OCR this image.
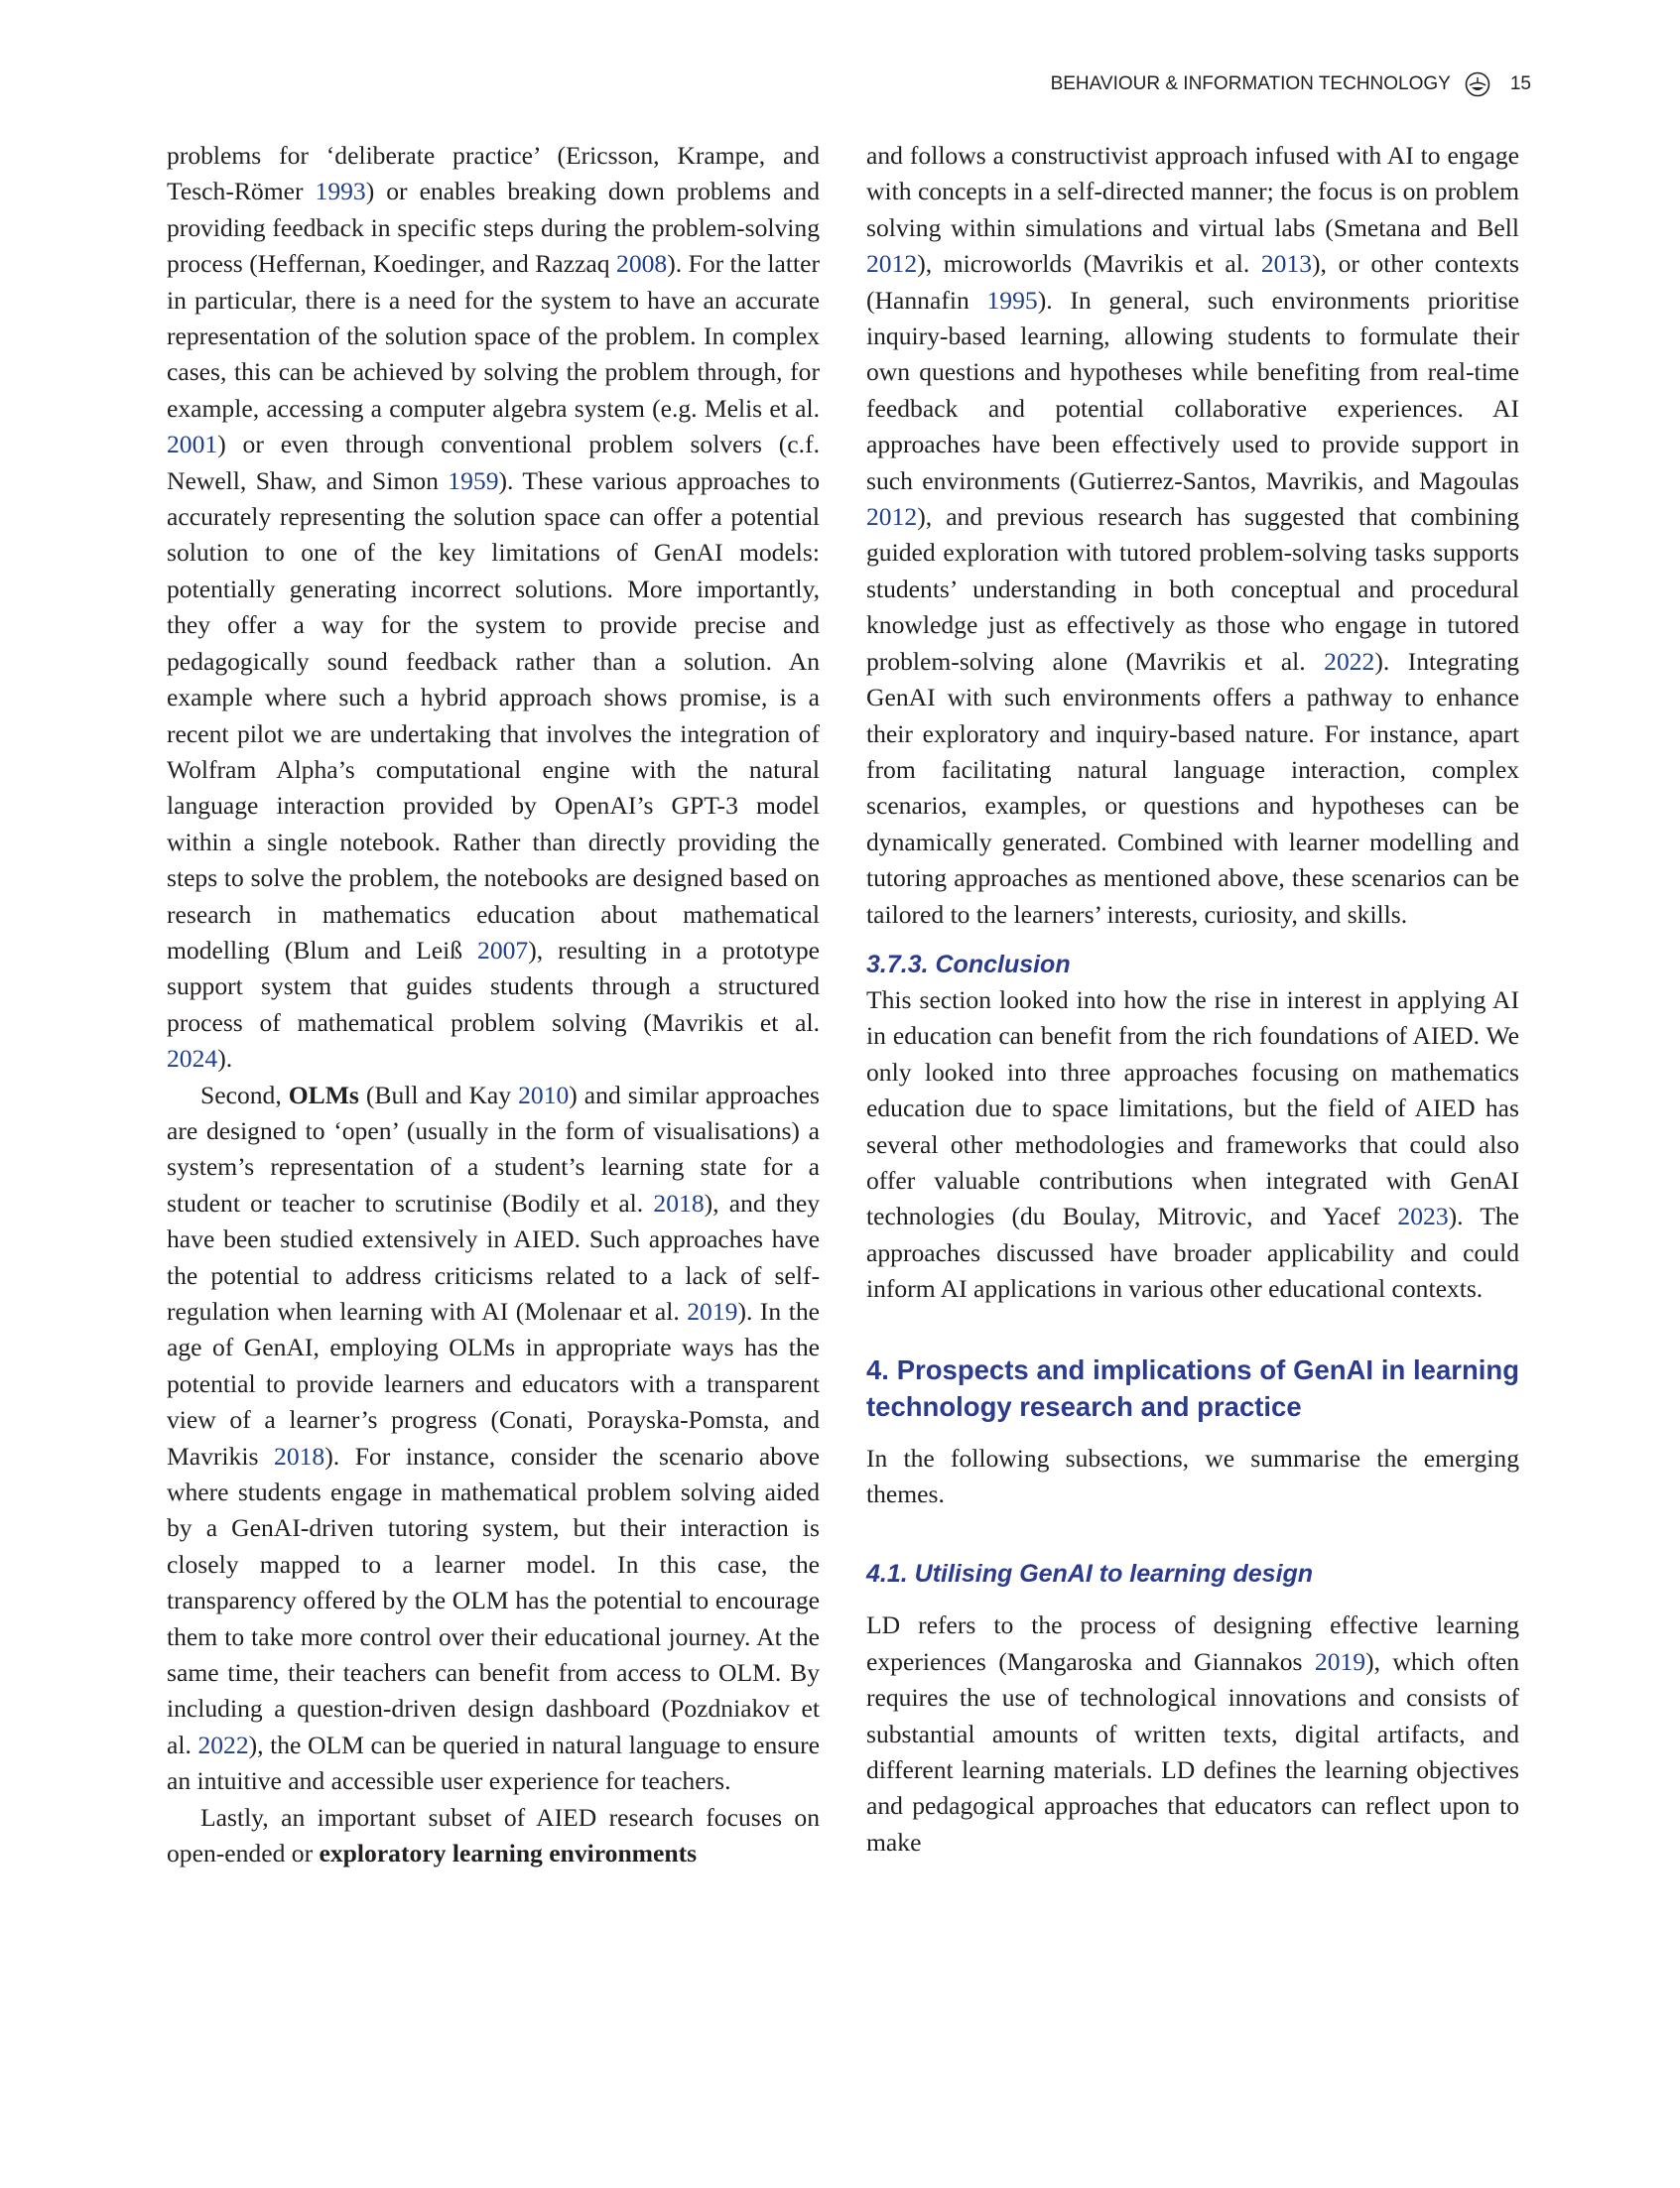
BEHAVIOUR & INFORMATION TECHNOLOGY	15

problems for ‘deliberate practice’ (Ericsson, Krampe, and Tesch-Römer 1993) or enables breaking down problems and providing feedback in specific steps during the problem-solving process (Heffernan, Koedinger, and Razzaq 2008). For the latter in particular, there is a need for the system to have an accurate representation of the solution space of the problem. In complex cases, this can be achieved by solving the problem through, for example, accessing a computer algebra system (e.g. Melis et al. 2001) or even through conventional problem solvers (c.f. Newell, Shaw, and Simon 1959). These various approaches to accurately representing the solution space can offer a potential solution to one of the key limitations of GenAI models: potentially generating incorrect solutions. More importantly, they offer a way for the system to provide precise and pedagogically sound feedback rather than a solution. An example where such a hybrid approach shows promise, is a recent pilot we are undertaking that involves the integration of Wolfram Alpha’s computational engine with the natural language interaction provided by OpenAI’s GPT-3 model within a single notebook. Rather than directly providing the steps to solve the problem, the notebooks are designed based on research in mathematics education about mathematical modelling (Blum and Leiß 2007), resulting in a prototype support system that guides students through a structured process of mathematical problem solving (Mavrikis et al. 2024).

Second, OLMs (Bull and Kay 2010) and similar approaches are designed to ‘open’ (usually in the form of visualisations) a system’s representation of a student’s learning state for a student or teacher to scrutinise (Bodily et al. 2018), and they have been studied extensively in AIED. Such approaches have the potential to address criticisms related to a lack of self-regulation when learning with AI (Molenaar et al. 2019). In the age of GenAI, employing OLMs in appropriate ways has the potential to provide learners and educators with a transparent view of a learner’s progress (Conati, Porayska-Pomsta, and Mavrikis 2018). For instance, consider the scenario above where students engage in mathematical problem solving aided by a GenAI-driven tutoring system, but their interaction is closely mapped to a learner model. In this case, the transparency offered by the OLM has the potential to encourage them to take more control over their educational journey. At the same time, their teachers can benefit from access to OLM. By including a question-driven design dashboard (Pozdniakov et al. 2022), the OLM can be queried in natural language to ensure an intuitive and accessible user experience for teachers.

Lastly, an important subset of AIED research focuses on open-ended or exploratory learning environments

and follows a constructivist approach infused with AI to engage with concepts in a self-directed manner; the focus is on problem solving within simulations and virtual labs (Smetana and Bell 2012), microworlds (Mavrikis et al. 2013), or other contexts (Hannafin 1995). In general, such environments prioritise inquiry-based learning, allowing students to formulate their own questions and hypotheses while benefiting from real-time feedback and potential collaborative experiences. AI approaches have been effectively used to provide support in such environments (Gutierrez-Santos, Mavrikis, and Magoulas 2012), and previous research has suggested that combining guided exploration with tutored problem-solving tasks supports students’ understanding in both conceptual and procedural knowledge just as effectively as those who engage in tutored problem-solving alone (Mavrikis et al. 2022). Integrating GenAI with such environments offers a pathway to enhance their exploratory and inquiry-based nature. For instance, apart from facilitating natural language interaction, complex scenarios, examples, or questions and hypotheses can be dynamically generated. Combined with learner modelling and tutoring approaches as mentioned above, these scenarios can be tailored to the learners’ interests, curiosity, and skills.

3.7.3. Conclusion

This section looked into how the rise in interest in applying AI in education can benefit from the rich foundations of AIED. We only looked into three approaches focusing on mathematics education due to space limitations, but the field of AIED has several other methodologies and frameworks that could also offer valuable contributions when integrated with GenAI technologies (du Boulay, Mitrovic, and Yacef 2023). The approaches discussed have broader applicability and could inform AI applications in various other educational contexts.

4. Prospects and implications of GenAI in learning technology research and practice

In the following subsections, we summarise the emerging themes.

4.1. Utilising GenAI to learning design

LD refers to the process of designing effective learning experiences (Mangaroska and Giannakos 2019), which often requires the use of technological innovations and consists of substantial amounts of written texts, digital artifacts, and different learning materials. LD defines the learning objectives and pedagogical approaches that educators can reflect upon to make
